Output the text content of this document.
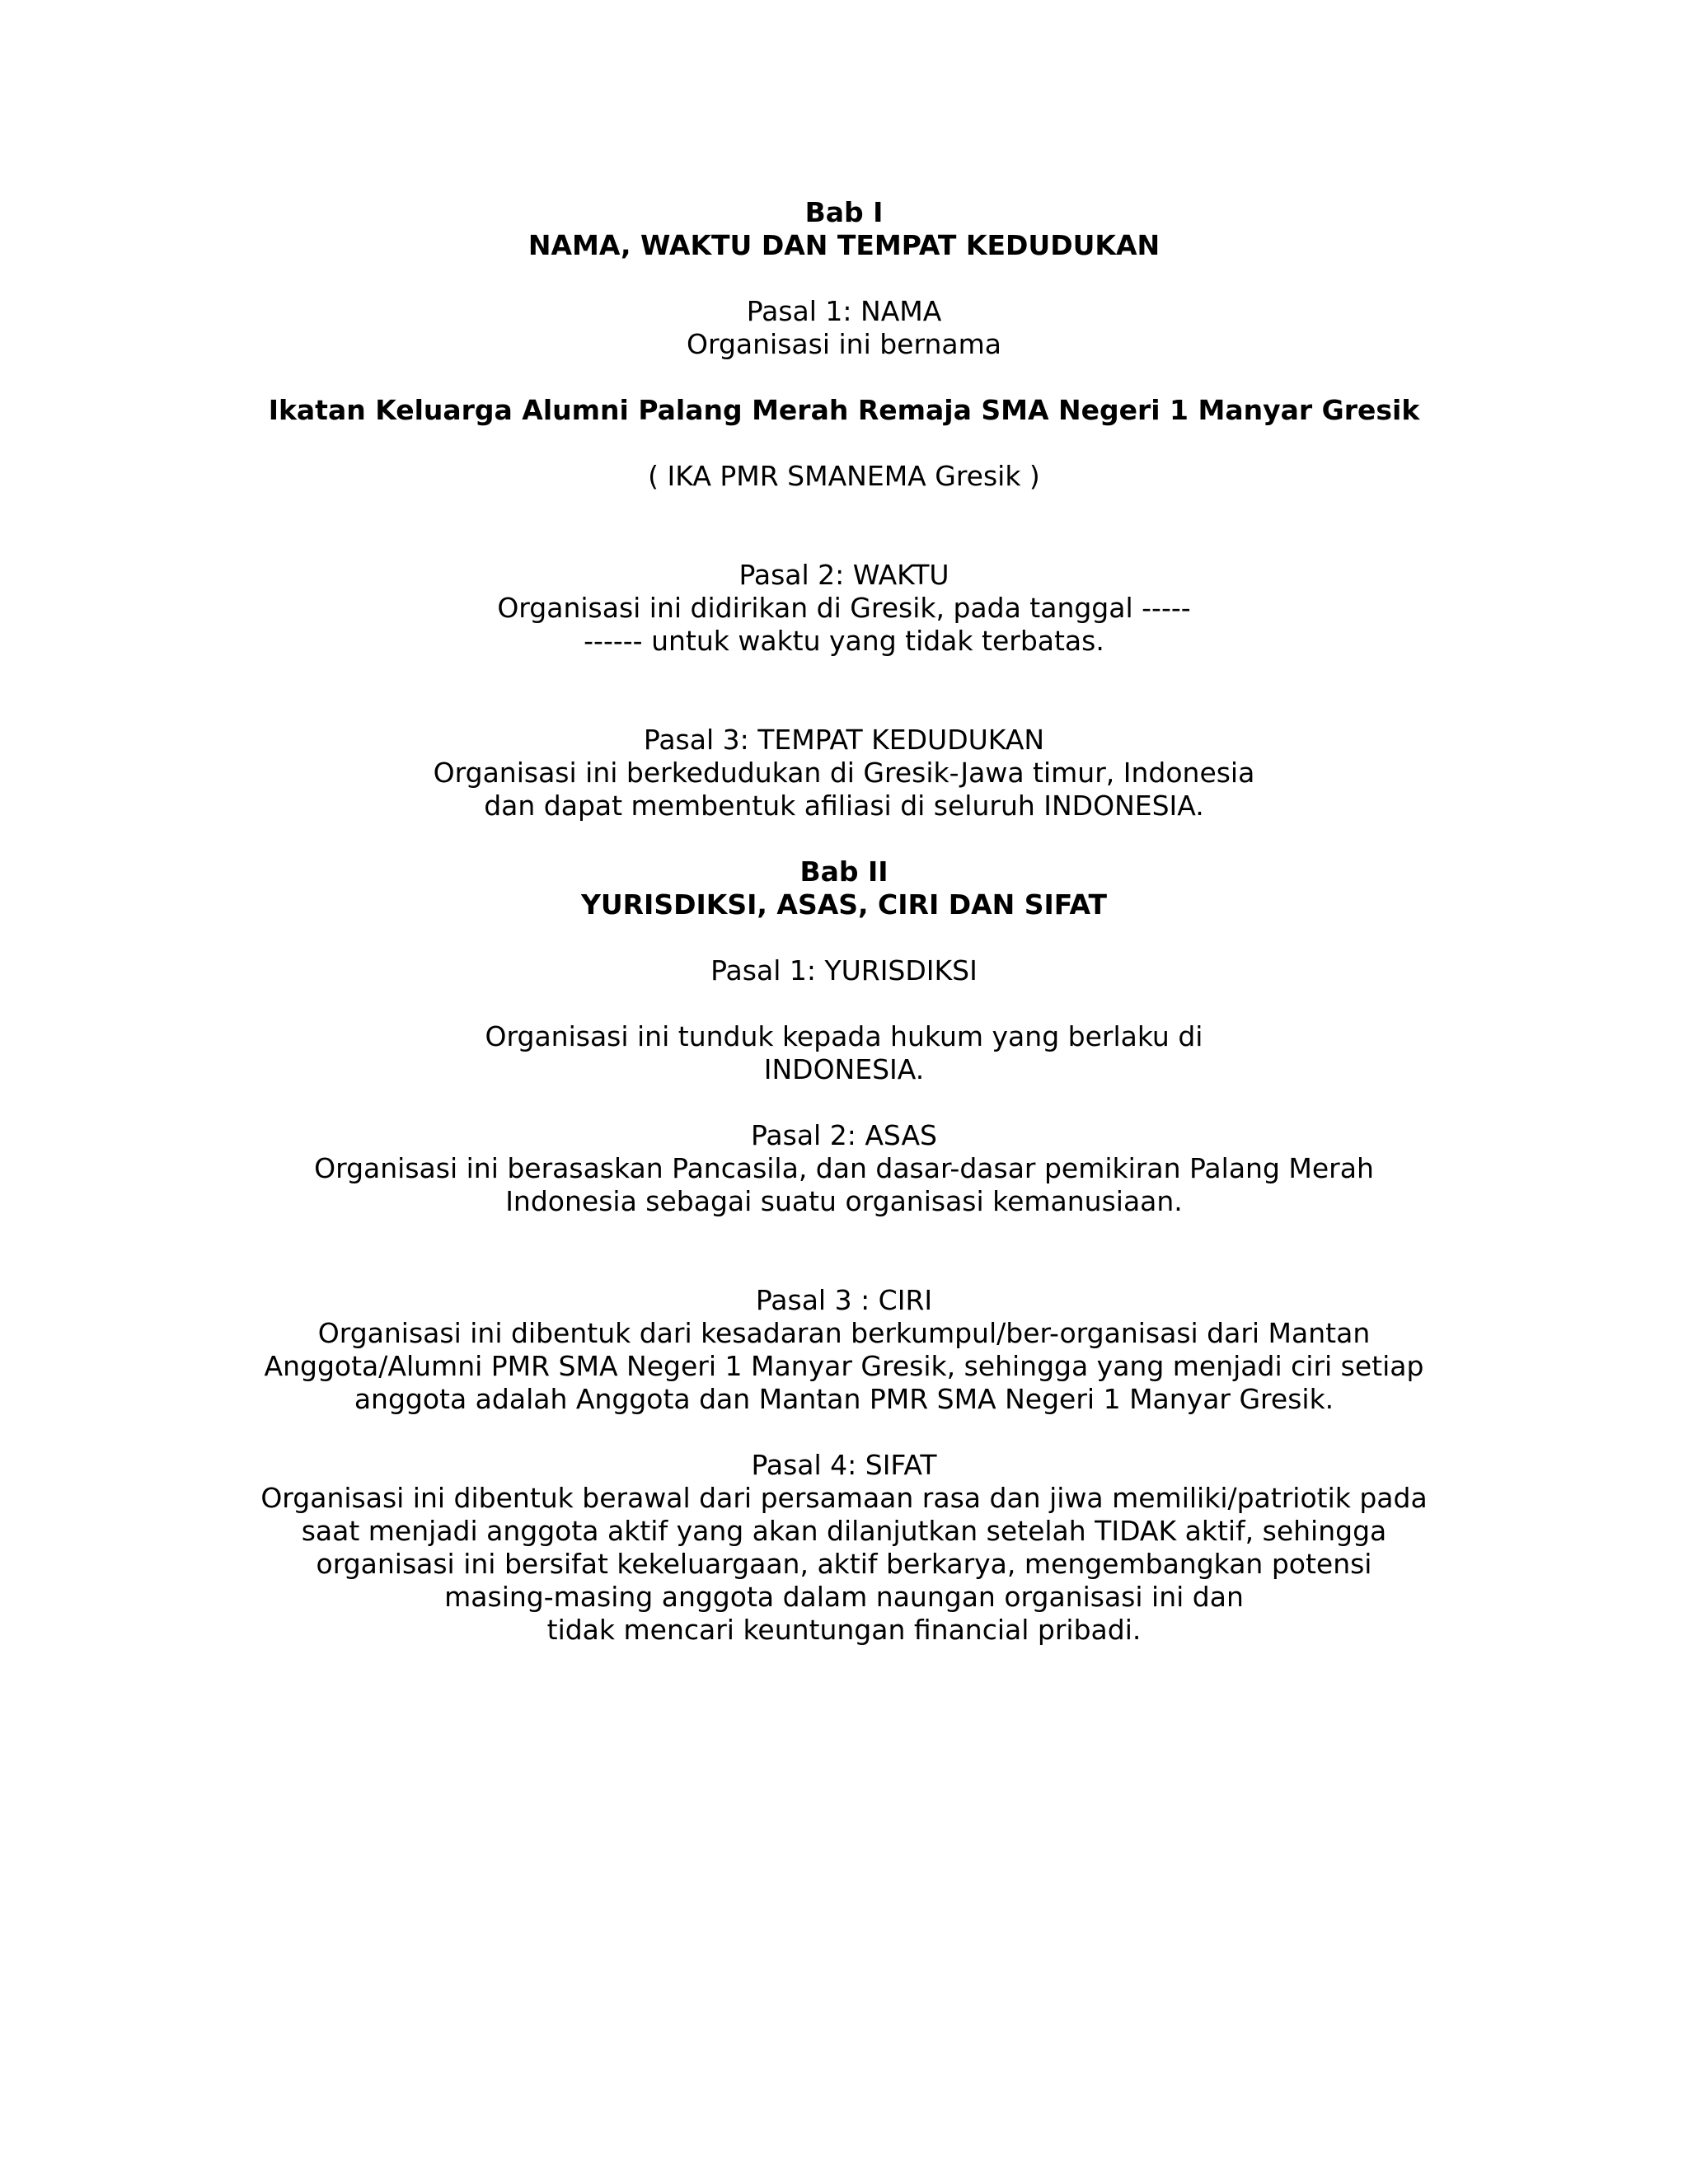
Bab I
NAMA, WAKTU DAN TEMPAT KEDUDUKAN
Pasal 1: NAMA
Organisasi ini bernama
Ikatan Keluarga Alumni Palang Merah Remaja SMA Negeri 1 Manyar Gresik
( IKA PMR SMANEMA Gresik )
Pasal 2: WAKTU
Organisasi ini didirikan di Gresik, pada tanggal -----
------ untuk waktu yang tidak terbatas.
Pasal 3: TEMPAT KEDUDUKAN
Organisasi ini berkedudukan di Gresik-Jawa timur, Indonesia
dan dapat membentuk afiliasi di seluruh INDONESIA.
Bab II
YURISDIKSI, ASAS, CIRI DAN SIFAT
Pasal 1: YURISDIKSI
Organisasi ini tunduk kepada hukum yang berlaku di
INDONESIA.
Pasal 2: ASAS
Organisasi ini berasaskan Pancasila, dan dasar-dasar pemikiran Palang Merah
Indonesia sebagai suatu organisasi kemanusiaan.
Pasal 3 : CIRI
Organisasi ini dibentuk dari kesadaran berkumpul/ber-organisasi dari Mantan
Anggota/Alumni PMR SMA Negeri 1 Manyar Gresik, sehingga yang menjadi ciri setiap
anggota adalah Anggota dan Mantan PMR SMA Negeri 1 Manyar Gresik.
Pasal 4: SIFAT
Organisasi ini dibentuk berawal dari persamaan rasa dan jiwa memiliki/patriotik pada
saat menjadi anggota aktif yang akan dilanjutkan setelah TIDAK aktif, sehingga
organisasi ini bersifat kekeluargaan, aktif berkarya, mengembangkan potensi
masing-masing anggota dalam naungan organisasi ini dan
tidak mencari keuntungan financial pribadi.
